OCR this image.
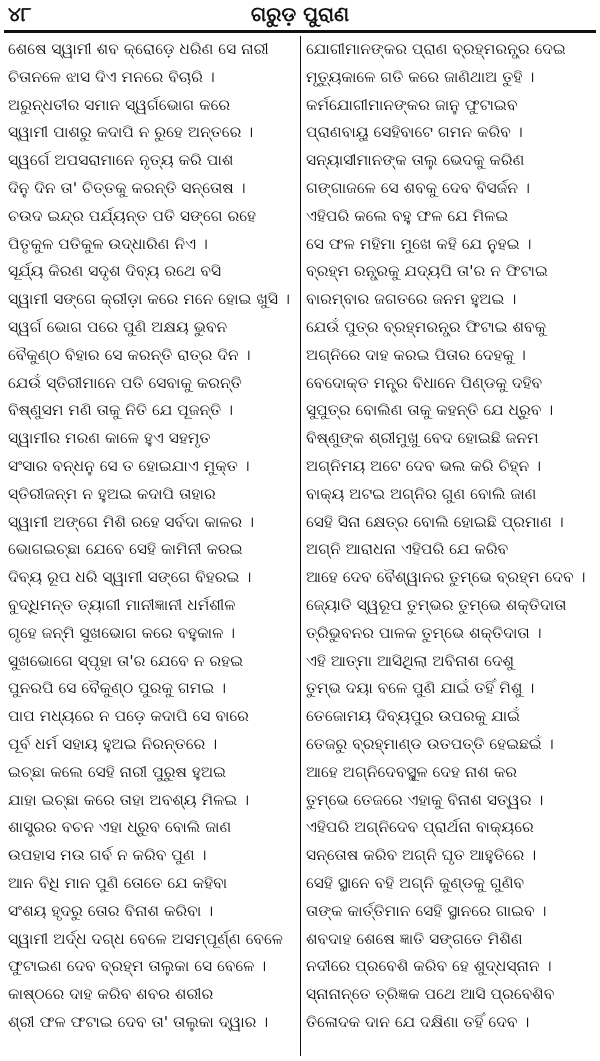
୪୮	ଗରୁଡ଼ ପୁରାଣ
ଶେଷେ ସ୍ୱାମୀ ଶବ କ୍ରୋଡ଼େ ଧରିଣ ସେ ନାରୀ
ଚିତାନଳେ ଝାସ ଦିଏ ମନରେ ବିଚାରି ।
ଅରୁନ୍ଧତୀର ସମାନ ସ୍ୱର୍ଗଭୋଗ କରେ
ସ୍ୱାମୀ ପାଶରୁ କଦାପି ନ ରୁହେ ଅନ୍ତରେ ।
ସ୍ୱର୍ଗେ ଅପସରାମାନେ ନୃତ୍ୟ କରି ପାଶ
ଦିନୁ ଦିନ ତା' ଚିତ୍ତକୁ କରନ୍ତି ସନ୍ତୋଷ ।
ଚଉଦ ଇନ୍ଦ୍ର ପର୍ଯ୍ୟନ୍ତ ପତି ସଙ୍ଗେ ରହେ
ପିତୃକୁଳ ପତିକୁଳ ଉଦ୍ଧାରିଣ ନିଏ ।
ସୂର୍ଯ୍ୟ କିରଣ ସଦୃଶ ଦିବ୍ୟ ରଥେ ବସି
ସ୍ୱାମୀ ସଙ୍ଗେ କ୍ରୀଡ଼ା କରେ ମନେ ହୋଇ ଖୁସି ।
ସ୍ୱର୍ଗ ଭୋଗ ପରେ ପୁଣି ଅକ୍ଷୟ ଭୁବନ
ବୈକୁଣ୍ଠ ବିହାର ସେ କରନ୍ତି ରାତ୍ର ଦିନ ।
ଯେଉଁ ସ୍ତିରୀମାନେ ପତି ସେବାକୁ କରନ୍ତି
ବିଷ୍ଣୁସମ ମଣି ତାକୁ ନିତି ଯେ ପୂଜନ୍ତି ।
ସ୍ୱାମୀର ମରଣ କାଳେ ହୁଏ ସହମୃତ
ସଂସାର ବନ୍ଧନୁ ସେ ତ ହୋଇଯାଏ ମୁକ୍ତ ।
ସ୍ତିରୀଜନ୍ମ ନ ହୁଅଇ କଦାପି ତାହାର
ସ୍ୱାମୀ ଅଙ୍ଗେ ମିଶି ରହେ ସର୍ବଦା କାଳର ।
ଭୋଗଇଚ୍ଛା ଯେବେ ସେହି କାମିନୀ କରଇ
ଦିବ୍ୟ ରୂପ ଧରି ସ୍ୱାମୀ ସଙ୍ଗେ ବିହରଇ ।
ବୁଦ୍ଧିମନ୍ତ ତ୍ୟାଗୀ ମାନୀଜ୍ଞାନୀ ଧର୍ମଶୀଳ
ଗୃହେ ଜନ୍ମି ସୁଖଭୋଗ କରେ ବହୁକାଳ ।
ସୁଖଭୋଗେ ସ୍ପୃହା ତା'ର ଯେବେ ନ ରହଇ
ପୁନରପି ସେ ବୈକୁଣ୍ଠ ପୁରକୁ ଗମଇ ।
ପାପ ମଧ୍ୟରେ ନ ପଡ଼େ କଦାପି ସେ ବାରେ
ପୂର୍ବ ଧର୍ମ ସହାୟ ହୁଅଇ ନିରନ୍ତରେ ।
ଇଚ୍ଛା କଲେ ସେହି ନାରୀ ପୁରୁଷ ହୁଅଇ
ଯାହା ଇଚ୍ଛା କରେ ତାହା ଅବଶ୍ୟ ମିଳଇ ।
ଶାସ୍ତ୍ରର ବଚନ ଏହା ଧ୍ରୁବ ବୋଲି ଜାଣ
ଉପହାସ ମଉ ଗର୍ବ ନ କରିବ ପୁଣ ।
ଆନ ବିଧି ମାନ ପୁଣି ତୋତେ ଯେ କହିବା
ସଂଶୟ ହୃଦରୁ ତୋର ବିନାଶ କରିବା ।
ସ୍ୱାମୀ ଅର୍ଦ୍ଧ ଦଗ୍ଧ ବେଳେ ଅସମ୍ପୂର୍ଣ୍ଣ ବେଳେ
ଫୁଟାଇଣ ଦେବ ବ୍ରହ୍ମ ତାଲୁକା ସେ ବେଳେ ।
କାଷ୍ଠରେ ଦାହ କରିବ ଶବର ଶରୀର
ଶ୍ରୀ ଫଳ ଫଟାଇ ଦେବ ତା' ତାଲୁକା ଦ୍ୱାର ।
ଯୋଗୀମାନଙ୍କର ପ୍ରାଣ ବ୍ରହ୍ମରନ୍ଧ୍ର ଦେଇ
ମୃତ୍ୟୁକାଳେ ଗତି କରେ ଜାଣିଥାଅ ତୁହି ।
କର୍ମଯୋଗୀମାନଙ୍କର ଜାନୁ ଫୁଟାଇବ
ପ୍ରାଣବାୟୁ ସେହିବାଟେ ଗମନ କରିବ ।
ସନ୍ୟାସୀମାନଙ୍କ ତାଲୁ ଭେଦକୁ କରିଣ
ଗଙ୍ଗାଜଳେ ସେ ଶବକୁ ଦେବ ବିସର୍ଜନ ।
ଏହିପରି କଲେ ବହୁ ଫଳ ଯେ ମିଳଇ
ସେ ଫଳ ମହିମା ମୁଖେ କହି ଯେ ନୁହଇ ।
ବ୍ରହ୍ମ ରନ୍ଧ୍ରକୁ ଯଦ୍ୟପି ତା'ର ନ ଫିଟାଇ
ବାରମ୍ବାର ଜଗତରେ ଜନମ ହୁଅଇ ।
ଯେଉଁ ପୁତ୍ର ବ୍ରହ୍ମରନ୍ଧ୍ର ଫିଟାଇ ଶବକୁ
ଅଗ୍ନିରେ ଦାହ କରଇ ପିତାର ଦେହକୁ ।
ବେଦୋକ୍ତ ମନ୍ତ୍ର ବିଧାନେ ପିଣ୍ଡକୁ ଦହିବ
ସୁପୁତ୍ର ବୋଲିଣ ତାକୁ କହନ୍ତି ଯେ ଧ୍ରୁବ ।
ବିଷ୍ଣୁଙ୍କ ଶ୍ରୀମୁଖୁ ବେଦ ହୋଇଛି ଜନମ
ଅଗ୍ନିମୟ ଅଟେ ଦେବ ଭଲ କରି ଚିହ୍ନ ।
ବାକ୍ୟ ଅଟଇ ଅଗ୍ନିର ଗୁଣ ବୋଲି ଜାଣ
ସେହି ସିନା କ୍ଷେତ୍ର ବୋଲି ହୋଇଛି ପ୍ରମାଣ ।
ଅଗ୍ନି ଆରାଧନା ଏହିପରି ଯେ କରିବ
ଆହେ ଦେବ ବୈଶ୍ୱାନର ତୁମ୍ଭେ ବ୍ରହ୍ମ ଦେବ ।
ଜ୍ୟୋତି ସ୍ୱରୂପ ତୁମ୍ଭର ତୁମ୍ଭେ ଶକ୍ତିଦାତା
ତ୍ରିଭୁବନର ପାଳକ ତୁମ୍ଭେ ଶକ୍ତିଦାତା ।
ଏହି ଆତ୍ମା ଆସିଥିଲା ଅବିନାଶ ଦେଶୁ
ତୁମ୍ଭ ଦୟା ବଳେ ପୁଣି ଯାଇଁ ତହିଁ ମିଶୁ ।
ତେଜୋମୟ ଦିବ୍ୟପୁର ଉପରକୁ ଯାଇଁ
ତେଜରୁ ବ୍ରହ୍ମାଣ୍ଡ ଉତପତ୍ତି ହେଇଛଇଁ ।
ଆହେ ଅଗ୍ନିଦେବସ୍ଥୂଳ ଦେହ ନାଶ କର
ତୁମ୍ଭେ ତେଜରେ ଏହାକୁ ବିନାଶ ସତ୍ୱର ।
ଏହିପରି ଅଗ୍ନିଦେବ ପ୍ରାର୍ଥନା ବାକ୍ୟରେ
ସନ୍ତୋଷ କରିବ ଅଗ୍ନି ଘୃତ ଆହୁତିରେ ।
ସେହି ସ୍ଥାନେ ବହି ଅଗ୍ନି କୁଣ୍ଡକୁ ଗୁଣିବ
ତାଙ୍କ କାର୍ତ୍ତିମାନ ସେହି ସ୍ଥାନରେ ଗାଇବ ।
ଶବଦାହ ଶେଷେ ଜ୍ଞାତି ସଙ୍ଗତେ ମିଶିଣ
ନଦୀରେ ପ୍ରବେଶି କରିବ ହେ ଶୁଦ୍ଧସ୍ନାନ ।
ସ୍ନାନାନ୍ତେ ତ୍ରିଜ୍ଞକ ପଥେ ଆସି ପ୍ରବେଶିବ
ତିଳୋଦକ ଦାନ ଯେ ଦକ୍ଷିଣା ତହିଁ ଦେବ ।
